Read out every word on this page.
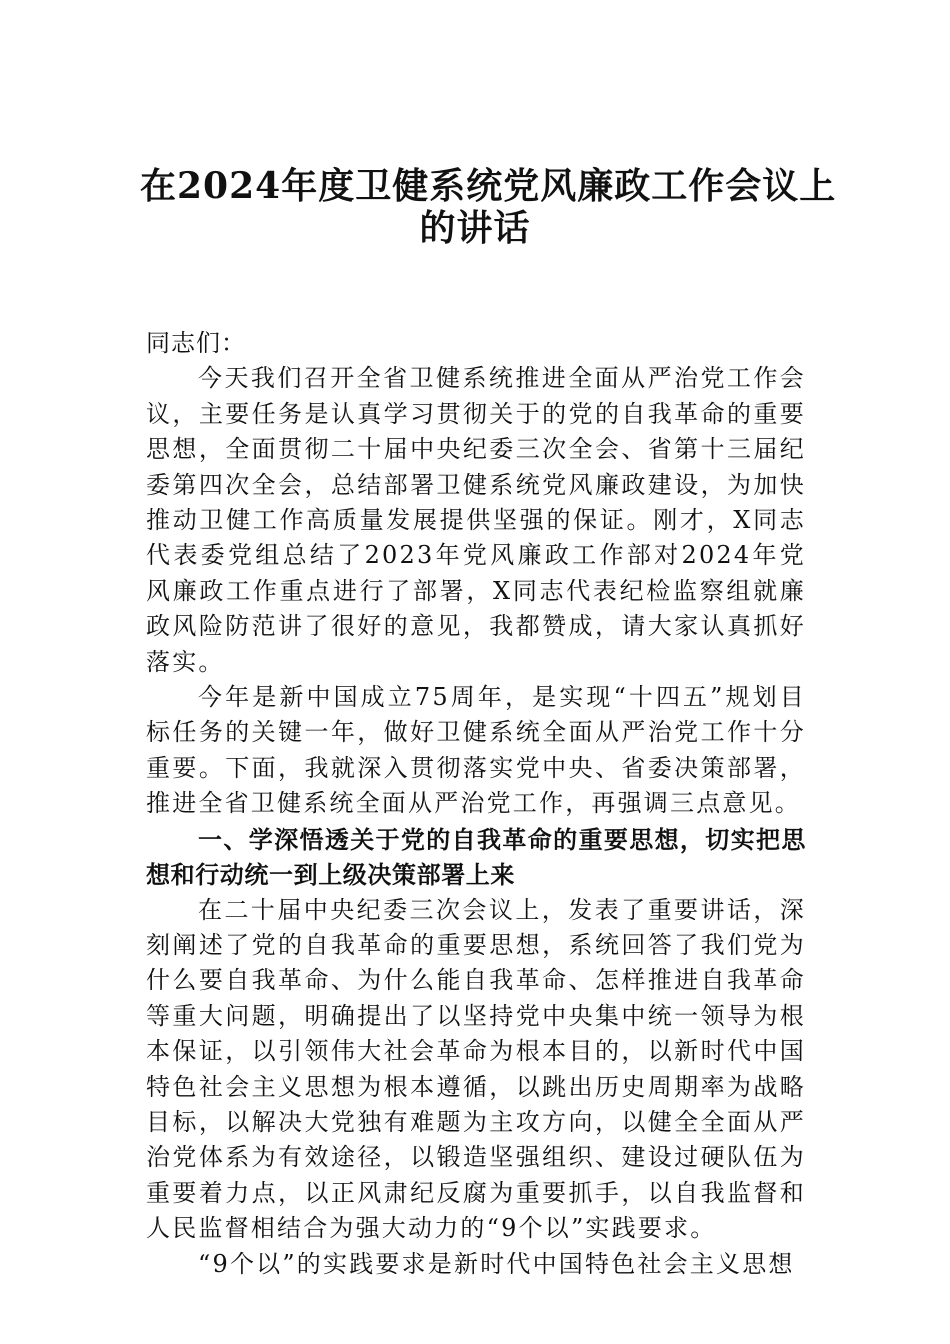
在2024年度卫健系统党风廉政工作会议上
的讲话

同志们：

今天我们召开全省卫健系统推进全面从严治党工作会议，主要任务是认真学习贯彻关于的党的自我革命的重要思想，全面贯彻二十届中央纪委三次全会、省第十三届纪委第四次全会，总结部署卫健系统党风廉政建设，为加快推动卫健工作高质量发展提供坚强的保证。刚才，X同志代表委党组总结了2023年党风廉政工作部对2024年党风廉政工作重点进行了部署，X同志代表纪检监察组就廉政风险防范讲了很好的意见，我都赞成，请大家认真抓好落实。

今年是新中国成立75周年，是实现“十四五”规划目标任务的关键一年，做好卫健系统全面从严治党工作十分重要。下面，我就深入贯彻落实党中央、省委决策部署，推进全省卫健系统全面从严治党工作，再强调三点意见。

一、学深悟透关于党的自我革命的重要思想，切实把思想和行动统一到上级决策部署上来

在二十届中央纪委三次会议上，发表了重要讲话，深刻阐述了党的自我革命的重要思想，系统回答了我们党为什么要自我革命、为什么能自我革命、怎样推进自我革命等重大问题，明确提出了以坚持党中央集中统一领导为根本保证，以引领伟大社会革命为根本目的，以新时代中国特色社会主义思想为根本遵循，以跳出历史周期率为战略目标，以解决大党独有难题为主攻方向，以健全全面从严治党体系为有效途径，以锻造坚强组织、建设过硬队伍为重要着力点，以正风肃纪反腐为重要抓手，以自我监督和人民监督相结合为强大动力的“9个以”实践要求。

“9个以”的实践要求是新时代中国特色社会主义思想
